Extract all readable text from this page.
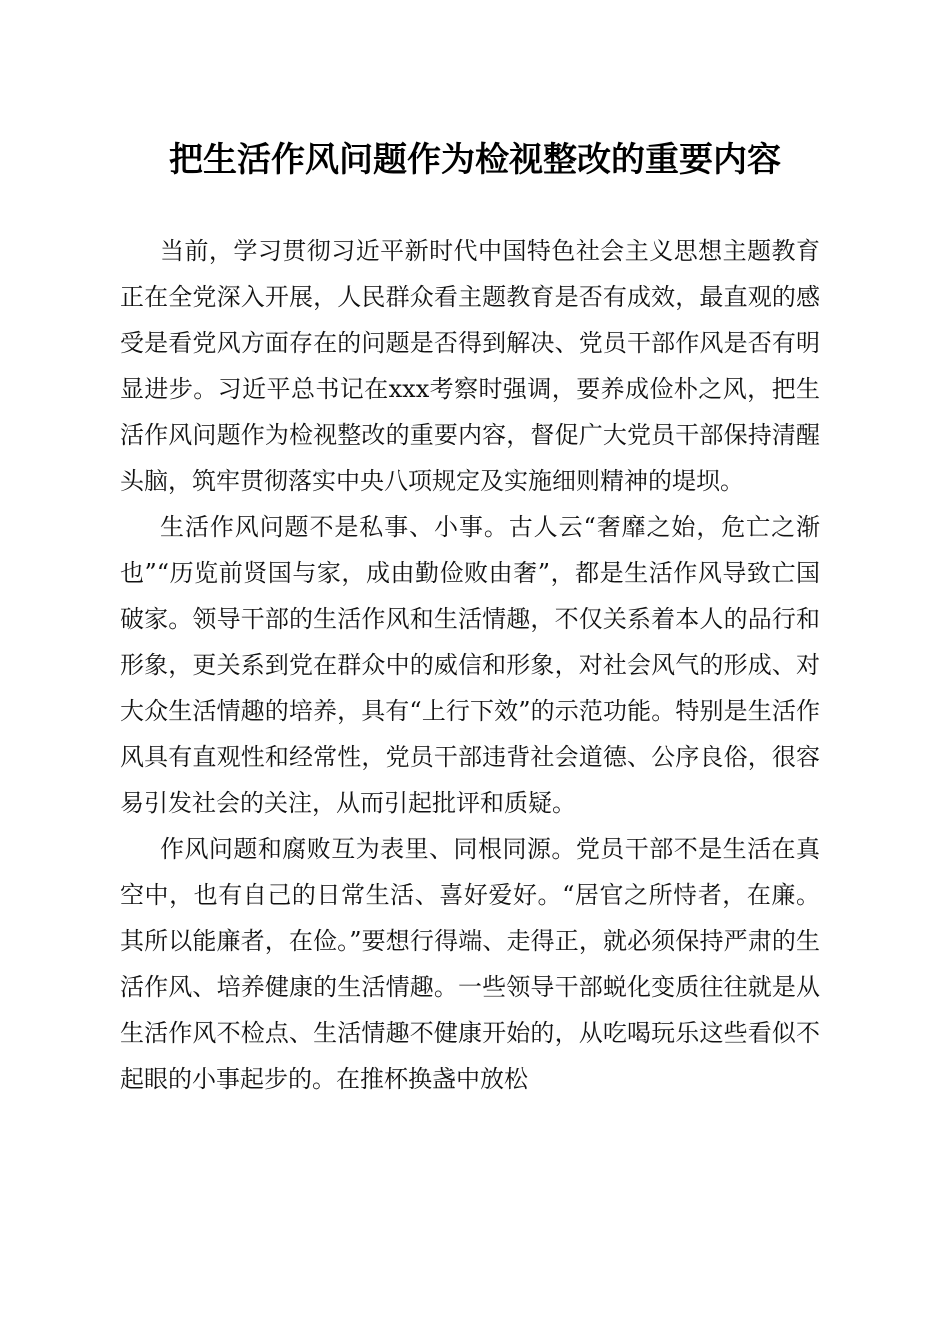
把生活作风问题作为检视整改的重要内容

当前，学习贯彻习近平新时代中国特色社会主义思想主题教育正在全党深入开展，人民群众看主题教育是否有成效，最直观的感受是看党风方面存在的问题是否得到解决、党员干部作风是否有明显进步。习近平总书记在xxx考察时强调，要养成俭朴之风，把生活作风问题作为检视整改的重要内容，督促广大党员干部保持清醒头脑，筑牢贯彻落实中央八项规定及实施细则精神的堤坝。

生活作风问题不是私事、小事。古人云“奢靡之始，危亡之渐也”“历览前贤国与家，成由勤俭败由奢”，都是生活作风导致亡国破家。领导干部的生活作风和生活情趣，不仅关系着本人的品行和形象，更关系到党在群众中的威信和形象，对社会风气的形成、对大众生活情趣的培养，具有“上行下效”的示范功能。特别是生活作风具有直观性和经常性，党员干部违背社会道德、公序良俗，很容易引发社会的关注，从而引起批评和质疑。

作风问题和腐败互为表里、同根同源。党员干部不是生活在真空中，也有自己的日常生活、喜好爱好。“居官之所恃者，在廉。其所以能廉者，在俭。”要想行得端、走得正，就必须保持严肃的生活作风、培养健康的生活情趣。一些领导干部蜕化变质往往就是从生活作风不检点、生活情趣不健康开始的，从吃喝玩乐这些看似不起眼的小事起步的。在推杯换盏中放松
